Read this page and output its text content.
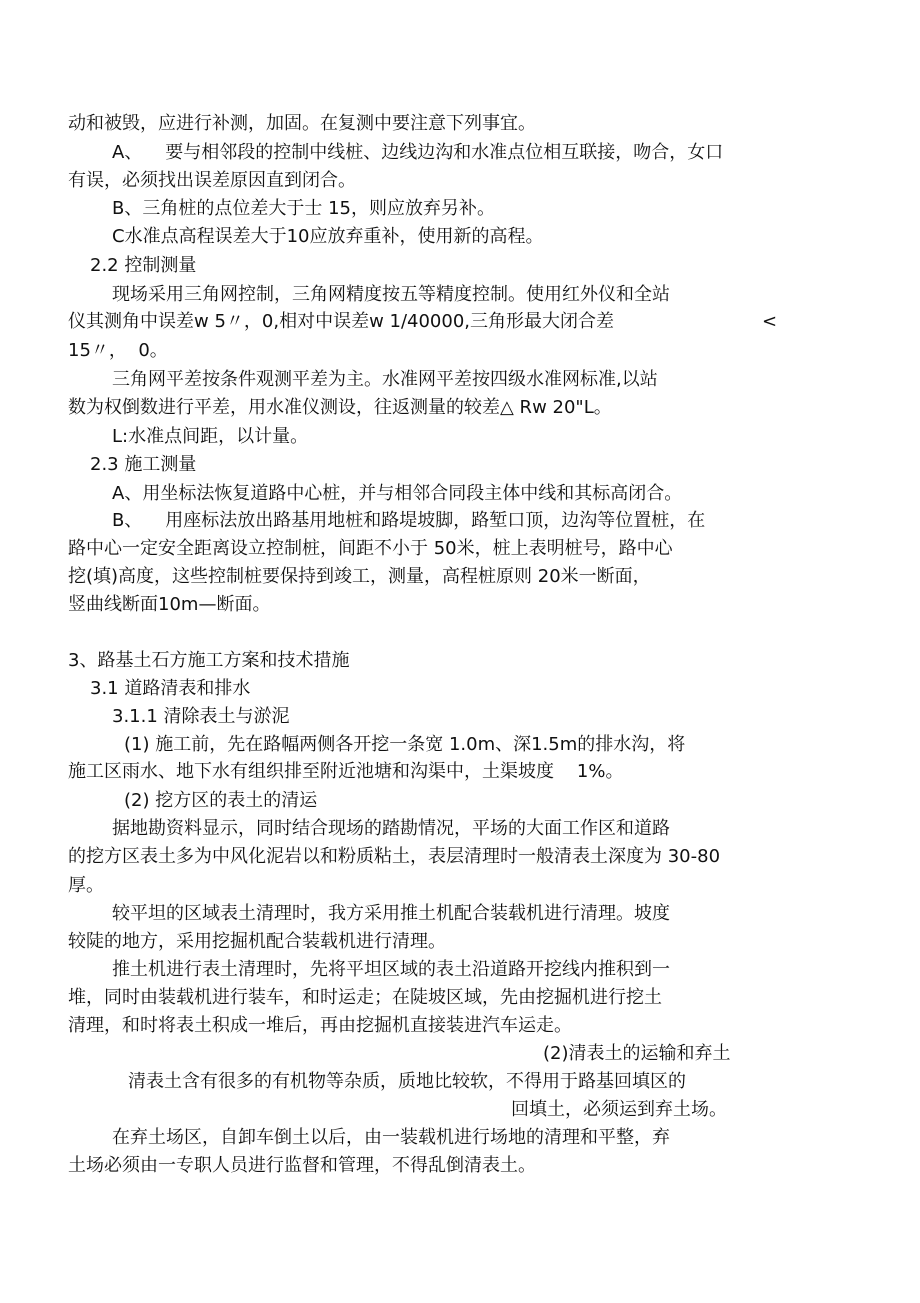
动和被毁，应进行补测，加固。在复测中要注意下列事宜。
A、    要与相邻段的控制中线桩、边线边沟和水准点位相互联接，吻合，女口
有误，必须找出误差原因直到闭合。
B、三角桩的点位差大于士 15，则应放弃另补。
C水准点高程误差大于10应放弃重补，使用新的高程。
2.2 控制测量
现场采用三角网控制，三角网精度按五等精度控制。使用红外仪和全站
仪其测角中误差w 5〃，0,相对中误差w 1/40000,三角形最大闭合差	<
15〃，  0。
三角网平差按条件观测平差为主。水准网平差按四级水准网标准,以站
数为权倒数进行平差，用水准仪测设，往返测量的较差△ Rw 20"L。
L:水准点间距，以计量。
2.3 施工测量
A、用坐标法恢复道路中心桩，并与相邻合同段主体中线和其标高闭合。
B、    用座标法放出路基用地桩和路堤坡脚，路堑口顶，边沟等位置桩，在
路中心一定安全距离设立控制桩，间距不小于 50米，桩上表明桩号，路中心
挖(填)高度，这些控制桩要保持到竣工，测量，高程桩原则 20米一断面，
竖曲线断面10m—断面。
3、路基土石方施工方案和技术措施
3.1 道路清表和排水
3.1.1 清除表土与淤泥
(1) 施工前，先在路幅两侧各开挖一条宽 1.0m、深1.5m的排水沟，将
施工区雨水、地下水有组织排至附近池塘和沟渠中，土渠坡度    1%。
(2) 挖方区的表土的清运
据地勘资料显示，同时结合现场的踏勘情况，平场的大面工作区和道路
的挖方区表土多为中风化泥岩以和粉质粘土，表层清理时一般清表土深度为 30-80
厚。
较平坦的区域表土清理时，我方采用推土机配合装载机进行清理。坡度
较陡的地方，采用挖掘机配合装载机进行清理。
推土机进行表土清理时，先将平坦区域的表土沿道路开挖线内推积到一
堆，同时由装载机进行装车，和时运走；在陡坡区域，先由挖掘机进行挖土
清理，和时将表土积成一堆后，再由挖掘机直接装进汽车运走。
(2)清表土的运输和弃土
清表土含有很多的有机物等杂质，质地比较软，不得用于路基回填区的
回填土，必须运到弃土场。
在弃土场区，自卸车倒土以后，由一装载机进行场地的清理和平整，弃
土场必须由一专职人员进行监督和管理，不得乱倒清表土。
